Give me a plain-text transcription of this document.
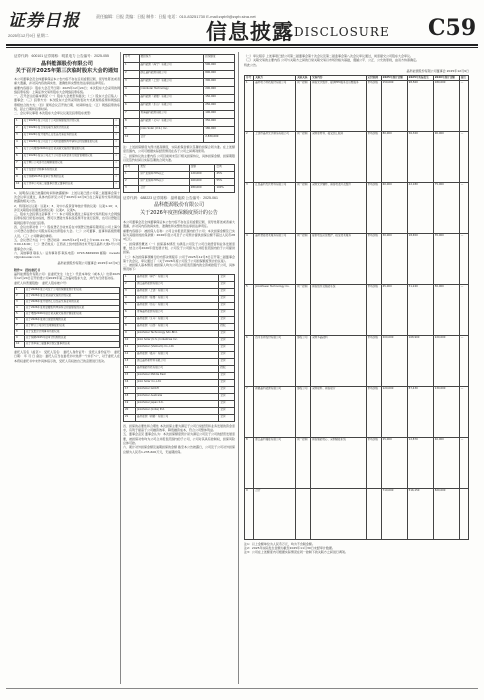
证券日报	责任编辑：日报 美编：日报 制作：日报 电话：010-83251730 E-mail:zqrb9@zqrb.sina.net
2025年12月9日 星期二	信息披露 DISCLOSURE C59
证券代码：600101 证券简称：明星电力 公告编号：2025-055
晶科能源股份有限公司
关于召开2025年第三次临时股东大会的通知

本公司董事会及全体董事保证本公告内容不存在任何虚假记载、误导性陈述或者重大遗漏，并对其内容的真实性、准确性和完整性依法承担法律责任。

重要内容提示：股东大会召开日期：2025年12月24日；本次股东大会采用的网络投票系统：上海证券交易所股东大会网络投票系统。

一、召开会议的基本情况（一）股东大会类型和届次；（二）股东大会召集人：董事会；（三）投票方式：本次股东大会所采用的表决方式是现场投票和网络投票相结合的方式；（四）现场会议召开的日期、时间和地点；（五）网络投票的系统、起止日期和投票时间。

二、会议审议事项 本次股东大会审议议案及投票股东类型：

1	关于2026年度公司及子公司担保额度预计的议案	√
2	关于2026年度日常关联交易预计的议案	√
3	关于2026年度开展外汇衍生品交易业务的议案	√
4	关于2026年度公司及子公司向金融机构申请综合授信额度的议案	√
5	关于公司增加2026年度日常关联交易预计额度的议案	√
6	关于2026年度以公司及子公司自有资金进行现金管理的议案	√
7	关于修订公司部分治理制度的议案	√
8	关于变更会计师事务所的议案	√
9	关于续聘2025年度审计机构的议案	√
10	关于选举公司第二届董事会独立董事的议案	√

1、说明各议案已披露的时间和披露媒体：上述议案已经公司第二届董事会第十次会议审议通过，具体内容详见公司于2025年12月9日在上海证券交易所网站披露的相关公告。

2、特别决议议案：议案1；3、对中小投资者单独计票的议案：议案1-10；4、涉及关联股东回避表决的议案：议案2、议案5。

三、股东大会投票注意事项（一）本公司股东通过上海证券交易所股东大会网络投票系统行使表决权的，既可以登陆交易系统投票平台进行投票，也可以登陆互联网投票平台进行投票。

四、会议出席对象（一）股权登记日收市后在中国登记结算有限责任公司上海分公司登记在册的公司股东有权出席股东大会。（二）公司董事、监事和高级管理人员。（三）公司聘请的律师。

五、会议登记方法（一）登记时间：2025年12月19日上午9:00-11:30，下午13:00-16:00；（二）登记地点：江西省上饶市经济技术开发区晶科大道1号公司董事会办公室。

六、其他事项 联系人：证券事务部 联系电话：0793-8469699 邮箱：investor@jinkosolar.com

晶科能源股份有限公司董事会 2025年12月9日
附件1：授权委托书

晶科能源股份有限公司：兹委托先生（女士）代表本单位（或本人）出席2025年12月24日召开的贵公司2025年第三次临时股东大会，并代为行使表决权。

委托人持普通股数： 委托人股东帐户号：

1	关于2026年度公司及子公司担保额度预计的议案
2	关于2026年度日常关联交易预计的议案
3	关于2026年度开展外汇衍生品交易业务的议案
4	关于2026年度向金融机构申请综合授信额度的议案
5	关于增加2026年度日常关联交易预计额度的议案
6	关于2026年度进行现金管理的议案
7	关于修订公司部分治理制度的议案
8	关于变更会计师事务所的议案
9	关于续聘2025年度审计机构的议案
10	关于选举第二届董事会独立董事的议案
委托人签名（盖章）： 受托人签名： 委托人身份证号： 受托人身份证号： 委托日期： 年 月 日 备注：委托人应当在委托书中选择一个并打“√”，对于委托人在本授权委托书中未作具体指示的，受托人有权按自己的意愿进行表决。
序号	被担保方	担保额度
1	晶科能源（海宁）有限公司	500,000
2	浙江晶科能源有限公司	800,000
3	晶科能源（上饶）有限公司	300,000
4	JinkoSolar Technology	200,000
5	晶科能源（楚雄）有限公司	150,000
6	晶科能源（乐山）有限公司	250,000
7	青海晶科能源有限公司	100,000
8	晶科能源（义乌）有限公司	350,000
9	Jinko Solar (U.S.) Inc.	180,000
10	合计	2,830,000

注：上述担保额度为预计最高额度，实际担保金额以签署的担保合同为准。在上述额度范围内，公司可根据实际经营情况在各子公司之间调剂使用。

三、担保协议的主要内容 公司目前尚未签订相关担保协议，具体担保金额、担保期限以及签约时间以实际签署的合同为准。

序号	类型	金额	比例
1	资产负债率70%以上	120,000	45%
2	资产负债率70%以下	160,000	55%
3	合计	280,000	100%
证券代码：688223 证券简称：晶科能源 公告编号：2025-061
晶科能源股份有限公司
关于2026年度担保额度预计的公告

本公司董事会及全体董事保证本公告内容不存在任何虚假记载、误导性陈述或者重大遗漏，并对其内容的真实性、准确性和完整性依法承担法律责任。

重要内容提示：被担保人名称：公司合并报表范围内的子公司；本次担保金额及已实际为其提供的担保余额：2026年度公司及子公司预计提供担保总额不超过人民币283亿元。

一、担保情况概述（一）担保基本情况 为满足公司及子公司日常经营和业务发展需要，结合公司2026年度发展计划，公司及子公司拟为合并报表范围内的子公司提供担保。

（二）本次担保事项履行的内部决策程序 公司于2025年12月8日召开第二届董事会第十次会议，审议通过了《关于2026年度公司及子公司担保额度预计的议案》。

二、被担保人基本情况 被担保人均为公司合并报表范围内的全资或控股子公司，具体情况如下：

1	晶科能源（海宁）有限公司	全资
2	浙江晶科能源有限公司	全资
3	晶科能源（上饶）有限公司	全资
4	晶科能源（楚雄）有限公司	全资
5	晶科能源（乐山）有限公司	全资
6	青海晶科能源有限公司	全资
7	晶科能源（义乌）有限公司	全资
8	晶科能源（山西）有限公司	控股
9	JinkoSolar Technology Sdn.Bhd.	全资
10	Jinko Solar (U.S.) Industries Inc.	全资
11	JinkoSolar (Vietnam) Co.,Ltd.	全资
12	晶科能源（嘉兴）有限公司	全资
13	浙江晶科新材料有限公司	全资
14	晶科储能科技有限公司	控股
15	JinkoSolar Middle East	全资
16	Jinko Solar Co.,Ltd.	全资
17	JinkoSolar GmbH	全资
18	JinkoSolar Australia	全资
19	JinkoSolar Japan K.K.	全资
20	JinkoSolar (India) Pvt.	全资
21	晶科能源（新疆）有限公司	全资

四、担保的必要性和合理性 本次担保主要为满足子公司日常经营和业务发展的资金需求，有利于提高子公司融资效率、降低融资成本，符合公司整体利益。

五、董事会意见 董事会认为：本次担保额度预计是为满足公司及子公司的经营发展需要，被担保对象均为公司合并报表范围内的子公司，公司对其具有控制权，担保风险总体可控。

六、累计对外担保金额及逾期担保的金额 截至本公告披露日，公司及子公司对外担保总额为人民币1,235,600万元，无逾期担保。

（二）审议程序 上述事项已经公司第二届董事会第十次会议及第二届监事会第八次会议审议通过，尚需提交公司股东大会审议。

（三）关联交易的主要内容 公司与关联方之间的日常关联交易以市场价格为基础，遵循公平、公正、公允的原则，由双方协商确定。

特此公告。

晶科能源股份有限公司董事会 2025年12月9日
序号	关联方	关联关系	交易内容	定价原则	2025年预计金额	2025年实际发生	2026年预计金额	备注
1	晶科电力科技股份有限公司	同一控制	销售光伏组件、提供EPC服务及运维服务	市场价格	150,000	98,560	180,000	—
2	上饶市晶科光伏制造有限公司	同一控制	采购原材料、接受加工服务	市场价格	80,000	56,320	90,000	—
3	江西晶科光伏材料有限公司	同一控制	采购光伏辅材、销售电池片及组件	市场价格	60,000	42,180	75,000	—
4	晶科慧能技术服务有限公司	同一控制	提供电站运营维护、接受技术服务	市场价格	30,000	18,650	35,000	—
5	JinkoPower Technology Co.	同一控制	销售组件及储能系统	市场价格	45,000	31,240	50,000	—
6	四川永祥股份有限公司	参股公司	采购多晶硅料	市场价格	200,000	168,900	220,000	—
7	新疆晶科能源有限公司	参股公司	采购硅料、销售硅片	市场价格	120,000	87,430	130,000	—
8	浙江晶科储能有限公司	同一控制	销售储能电芯、采购储能系统	市场价格	25,000	12,870	40,000	—
9	合计				710,000	516,150	820,000	

注1：以上金额单位为人民币万元，均为不含税金额。

注2：2025年实际发生金额为截至2025年11月30日未经审计数据。

注3：公司在上述额度内可根据实际情况在同一控制下的关联方之间进行调剂。
